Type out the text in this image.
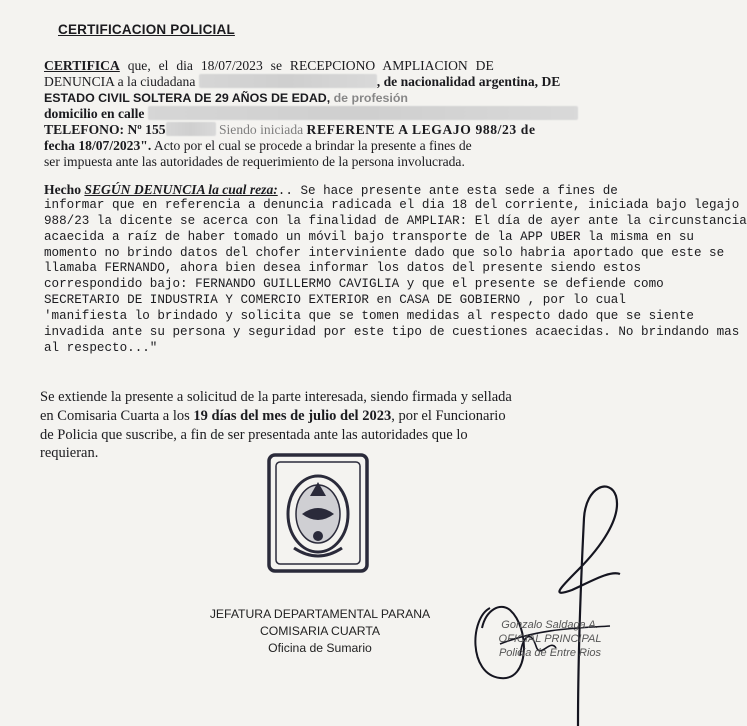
CERTIFICACION POLICIAL
CERTIFICA que, el dia 18/07/2023 se RECEPCIONO AMPLIACION DE
DENUNCIA a la ciudadana	, de nacionalidad argentina, DE
ESTADO CIVIL SOLTERA DE 29 AÑOS DE EDAD, de profesión
domicilio en calle
TELEFONO: Nº 155	Siendo iniciada REFERENTE A LEGAJO 988/23 de
fecha 18/07/2023". Acto por el cual se procede a brindar la presente a fines de
ser impuesta ante las autoridades de requerimiento de la persona involucrada.
Hecho SEGÚN DENUNCIA la cual reza:.. Se hace presente ante esta sede a fines de
informar que en referencia a denuncia radicada el dia 18 del corriente, iniciada bajo legajo
988/23 la dicente se acerca con la finalidad de AMPLIAR: El día de ayer ante la circunstancia
acaecida a raíz de haber tomado un móvil bajo transporte de la APP UBER la misma en su
momento no brindo datos del chofer interviniente dado que solo habria aportado que este se
llamaba FERNANDO, ahora bien desea informar los datos del presente siendo estos
correspondido bajo: FERNANDO GUILLERMO CAVIGLIA y que el presente se defiende como
SECRETARIO DE INDUSTRIA Y COMERCIO EXTERIOR en CASA DE GOBIERNO , por lo cual
'manifiesta lo brindado y solicita que se tomen medidas al respecto dado que se siente
invadida ante su persona y seguridad por este tipo de cuestiones acaecidas. No brindando mas
al respecto..."
Se extiende la presente a solicitud de la parte interesada, siendo firmada y sellada
en Comisaria Cuarta a los 19 días del mes de julio del 2023, por el Funcionario
de Policia que suscribe, a fin de ser presentada ante las autoridades que lo
requieran.
JEFATURA DEPARTAMENTAL PARANA
COMISARIA CUARTA
Oficina de Sumario
Gonzalo Saldaga A.
OFICIAL PRINCIPAL
Policia de Entre Rios
